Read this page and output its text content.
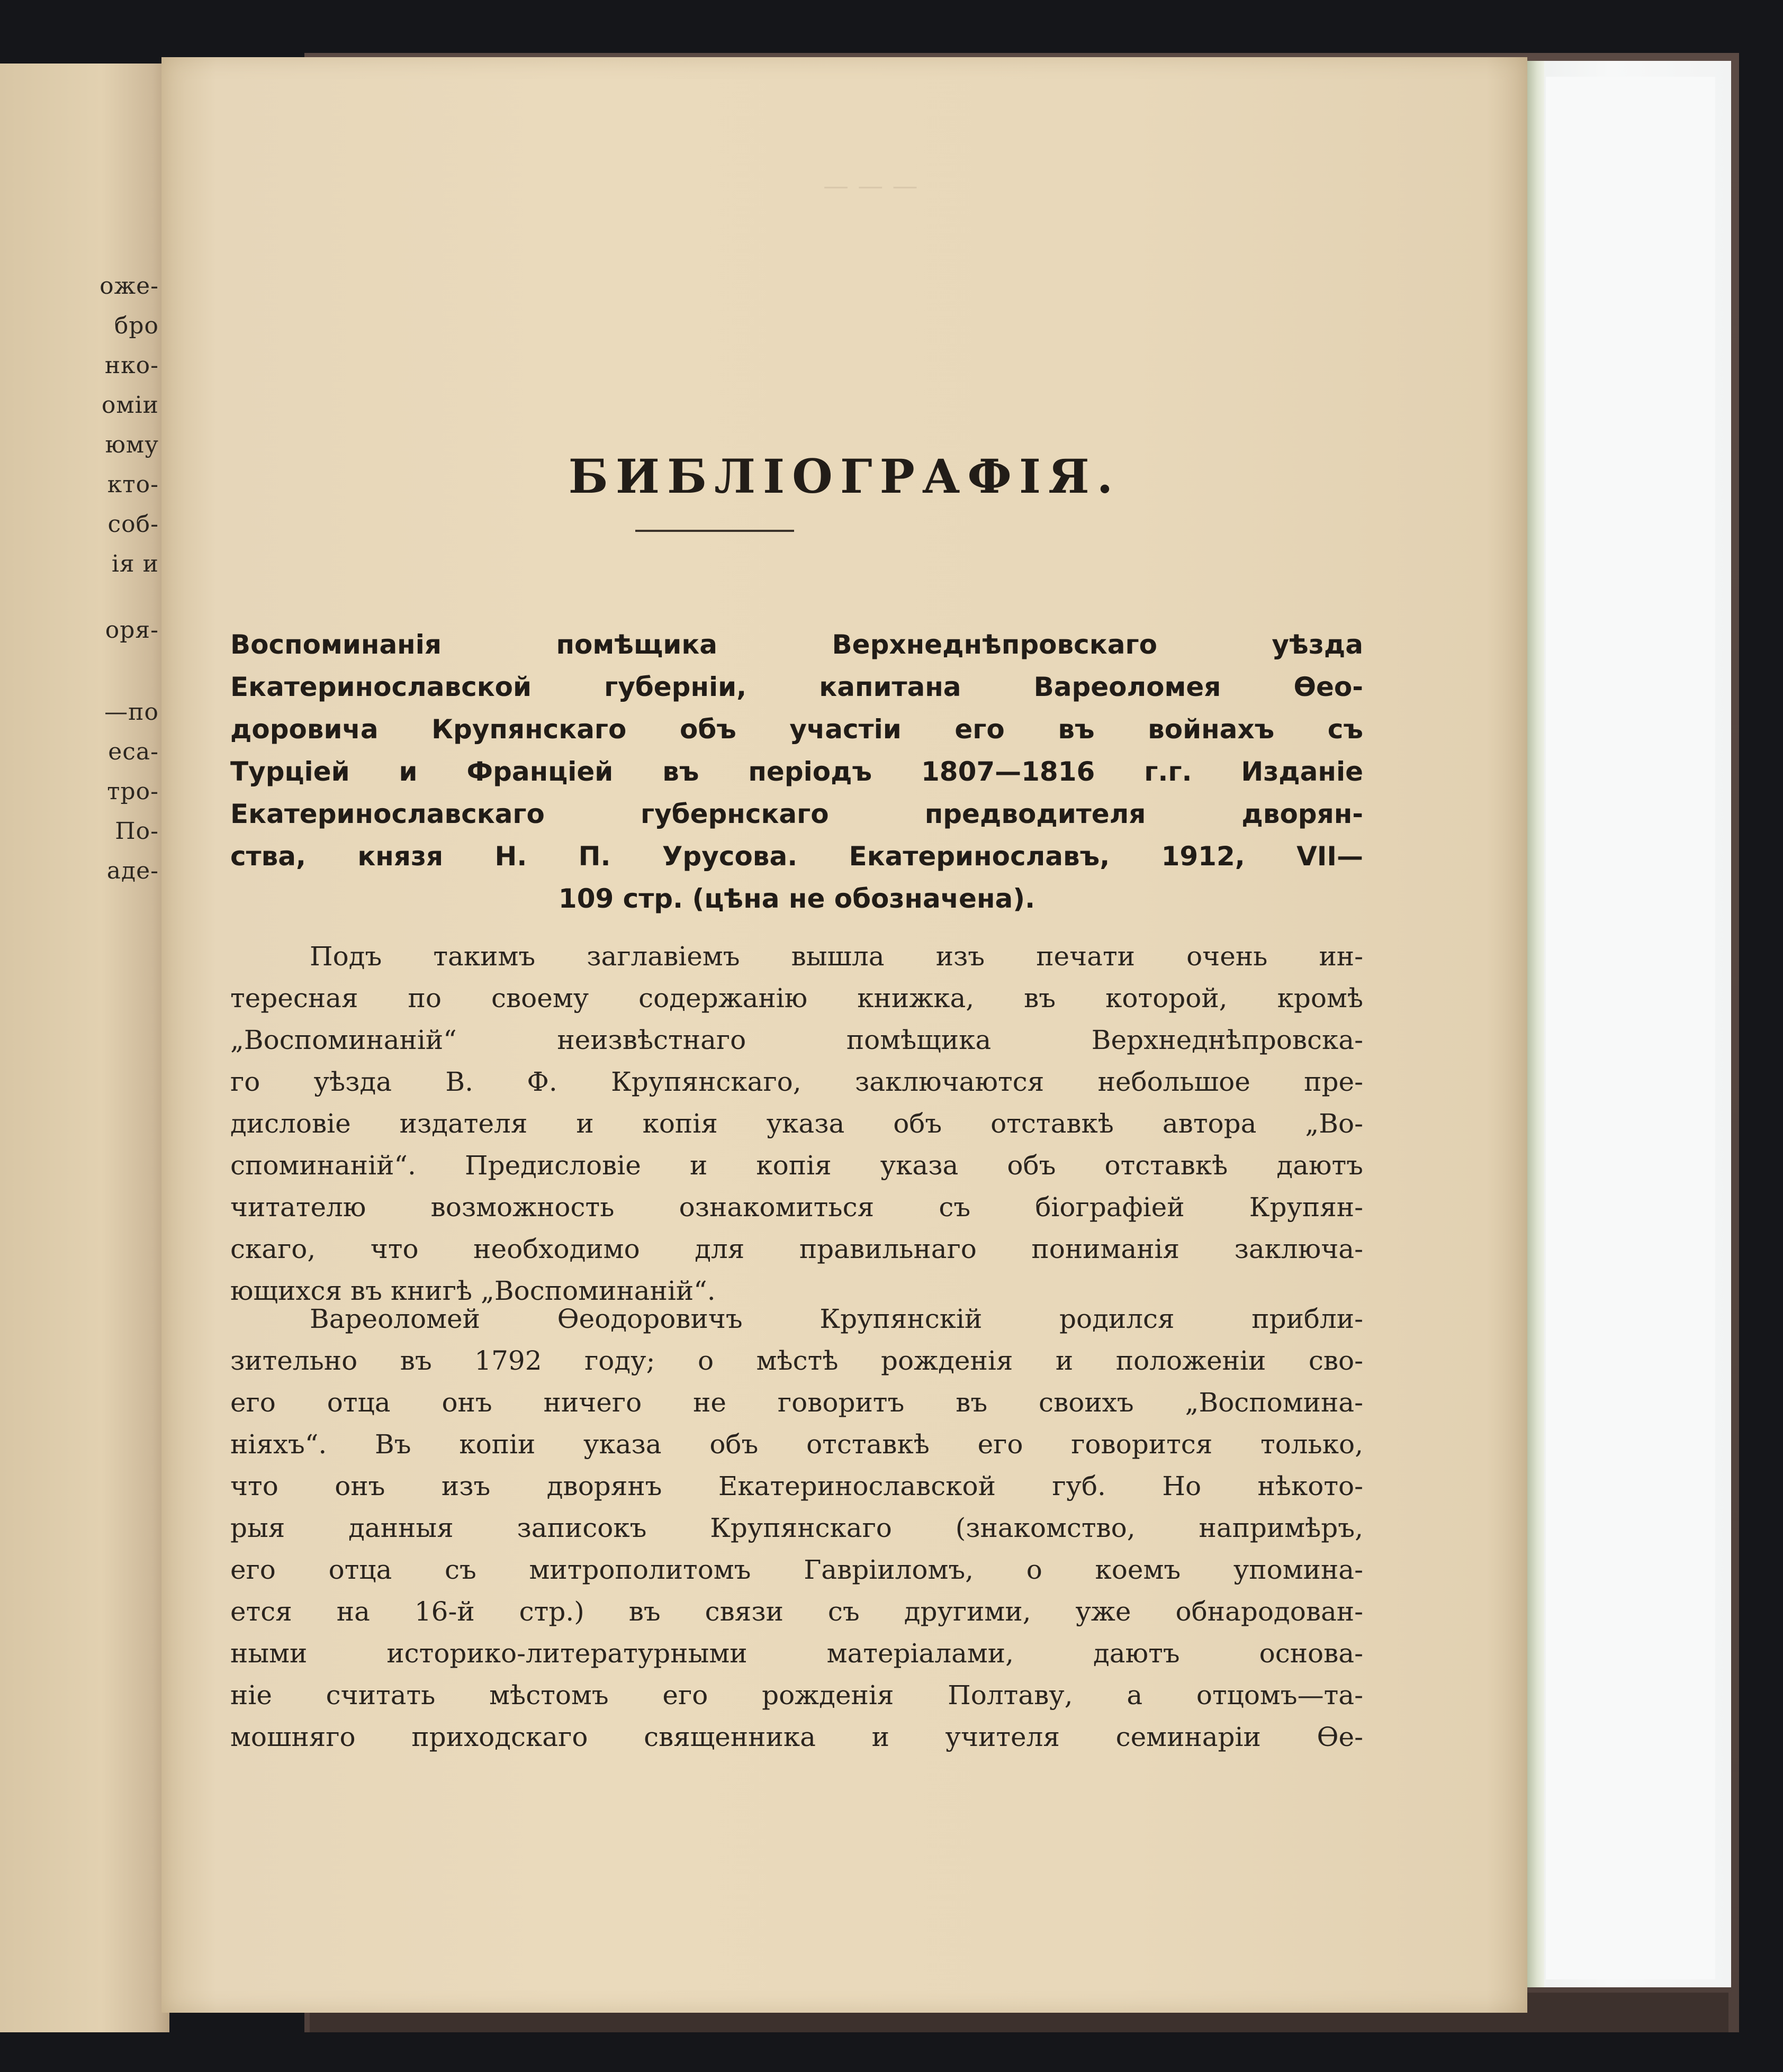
оже-
бро
нко-
оміи
юму
кто-
соб-
ія и
оря-
—по
еса-
тро-
По-
аде-
— — —
БИБЛІОГРАФІЯ.
Воспоминанія помѣщика Верхнеднѣпровскаго уѣзда
Екатеринославской губерніи, капитана Вареоломея Ѳео-
доровича Крупянскаго объ участіи его въ войнахъ съ
Турціей и Франціей въ періодъ 1807—1816 г.г. Изданіе
Екатеринославскаго губернскаго предводителя дворян-
ства, князя Н. П. Урусова. Екатеринославъ, 1912, VII—
109 стр. (цѣна не обозначена).
Подъ такимъ заглавіемъ вышла изъ печати очень ин-
тересная по своему содержанію книжка, въ которой, кромѣ
„Воспоминаній“ неизвѣстнаго помѣщика Верхнеднѣпровска-
го уѣзда В. Ф. Крупянскаго, заключаются небольшое пре-
дисловіе издателя и копія указа объ отставкѣ автора „Во-
споминаній“. Предисловіе и копія указа объ отставкѣ даютъ
читателю возможность ознакомиться съ біографіей Крупян-
скаго, что необходимо для правильнаго пониманія заключа-
ющихся въ книгѣ „Воспоминаній“.
Вареоломей Ѳеодоровичъ Крупянскій родился прибли-
зительно въ 1792 году; о мѣстѣ рожденія и положеніи сво-
его отца онъ ничего не говоритъ въ своихъ „Воспомина-
ніяхъ“. Въ копіи указа объ отставкѣ его говорится только,
что онъ изъ дворянъ Екатеринославской губ. Но нѣкото-
рыя данныя записокъ Крупянскаго (знакомство, напримѣръ,
его отца съ митрополитомъ Гавріиломъ, о коемъ упомина-
ется на 16-й стр.) въ связи съ другими, уже обнародован-
ными историко-литературными матеріалами, даютъ основа-
ніе считать мѣстомъ его рожденія Полтаву, а отцомъ—та-
мошняго приходскаго священника и учителя семинаріи Ѳе-
